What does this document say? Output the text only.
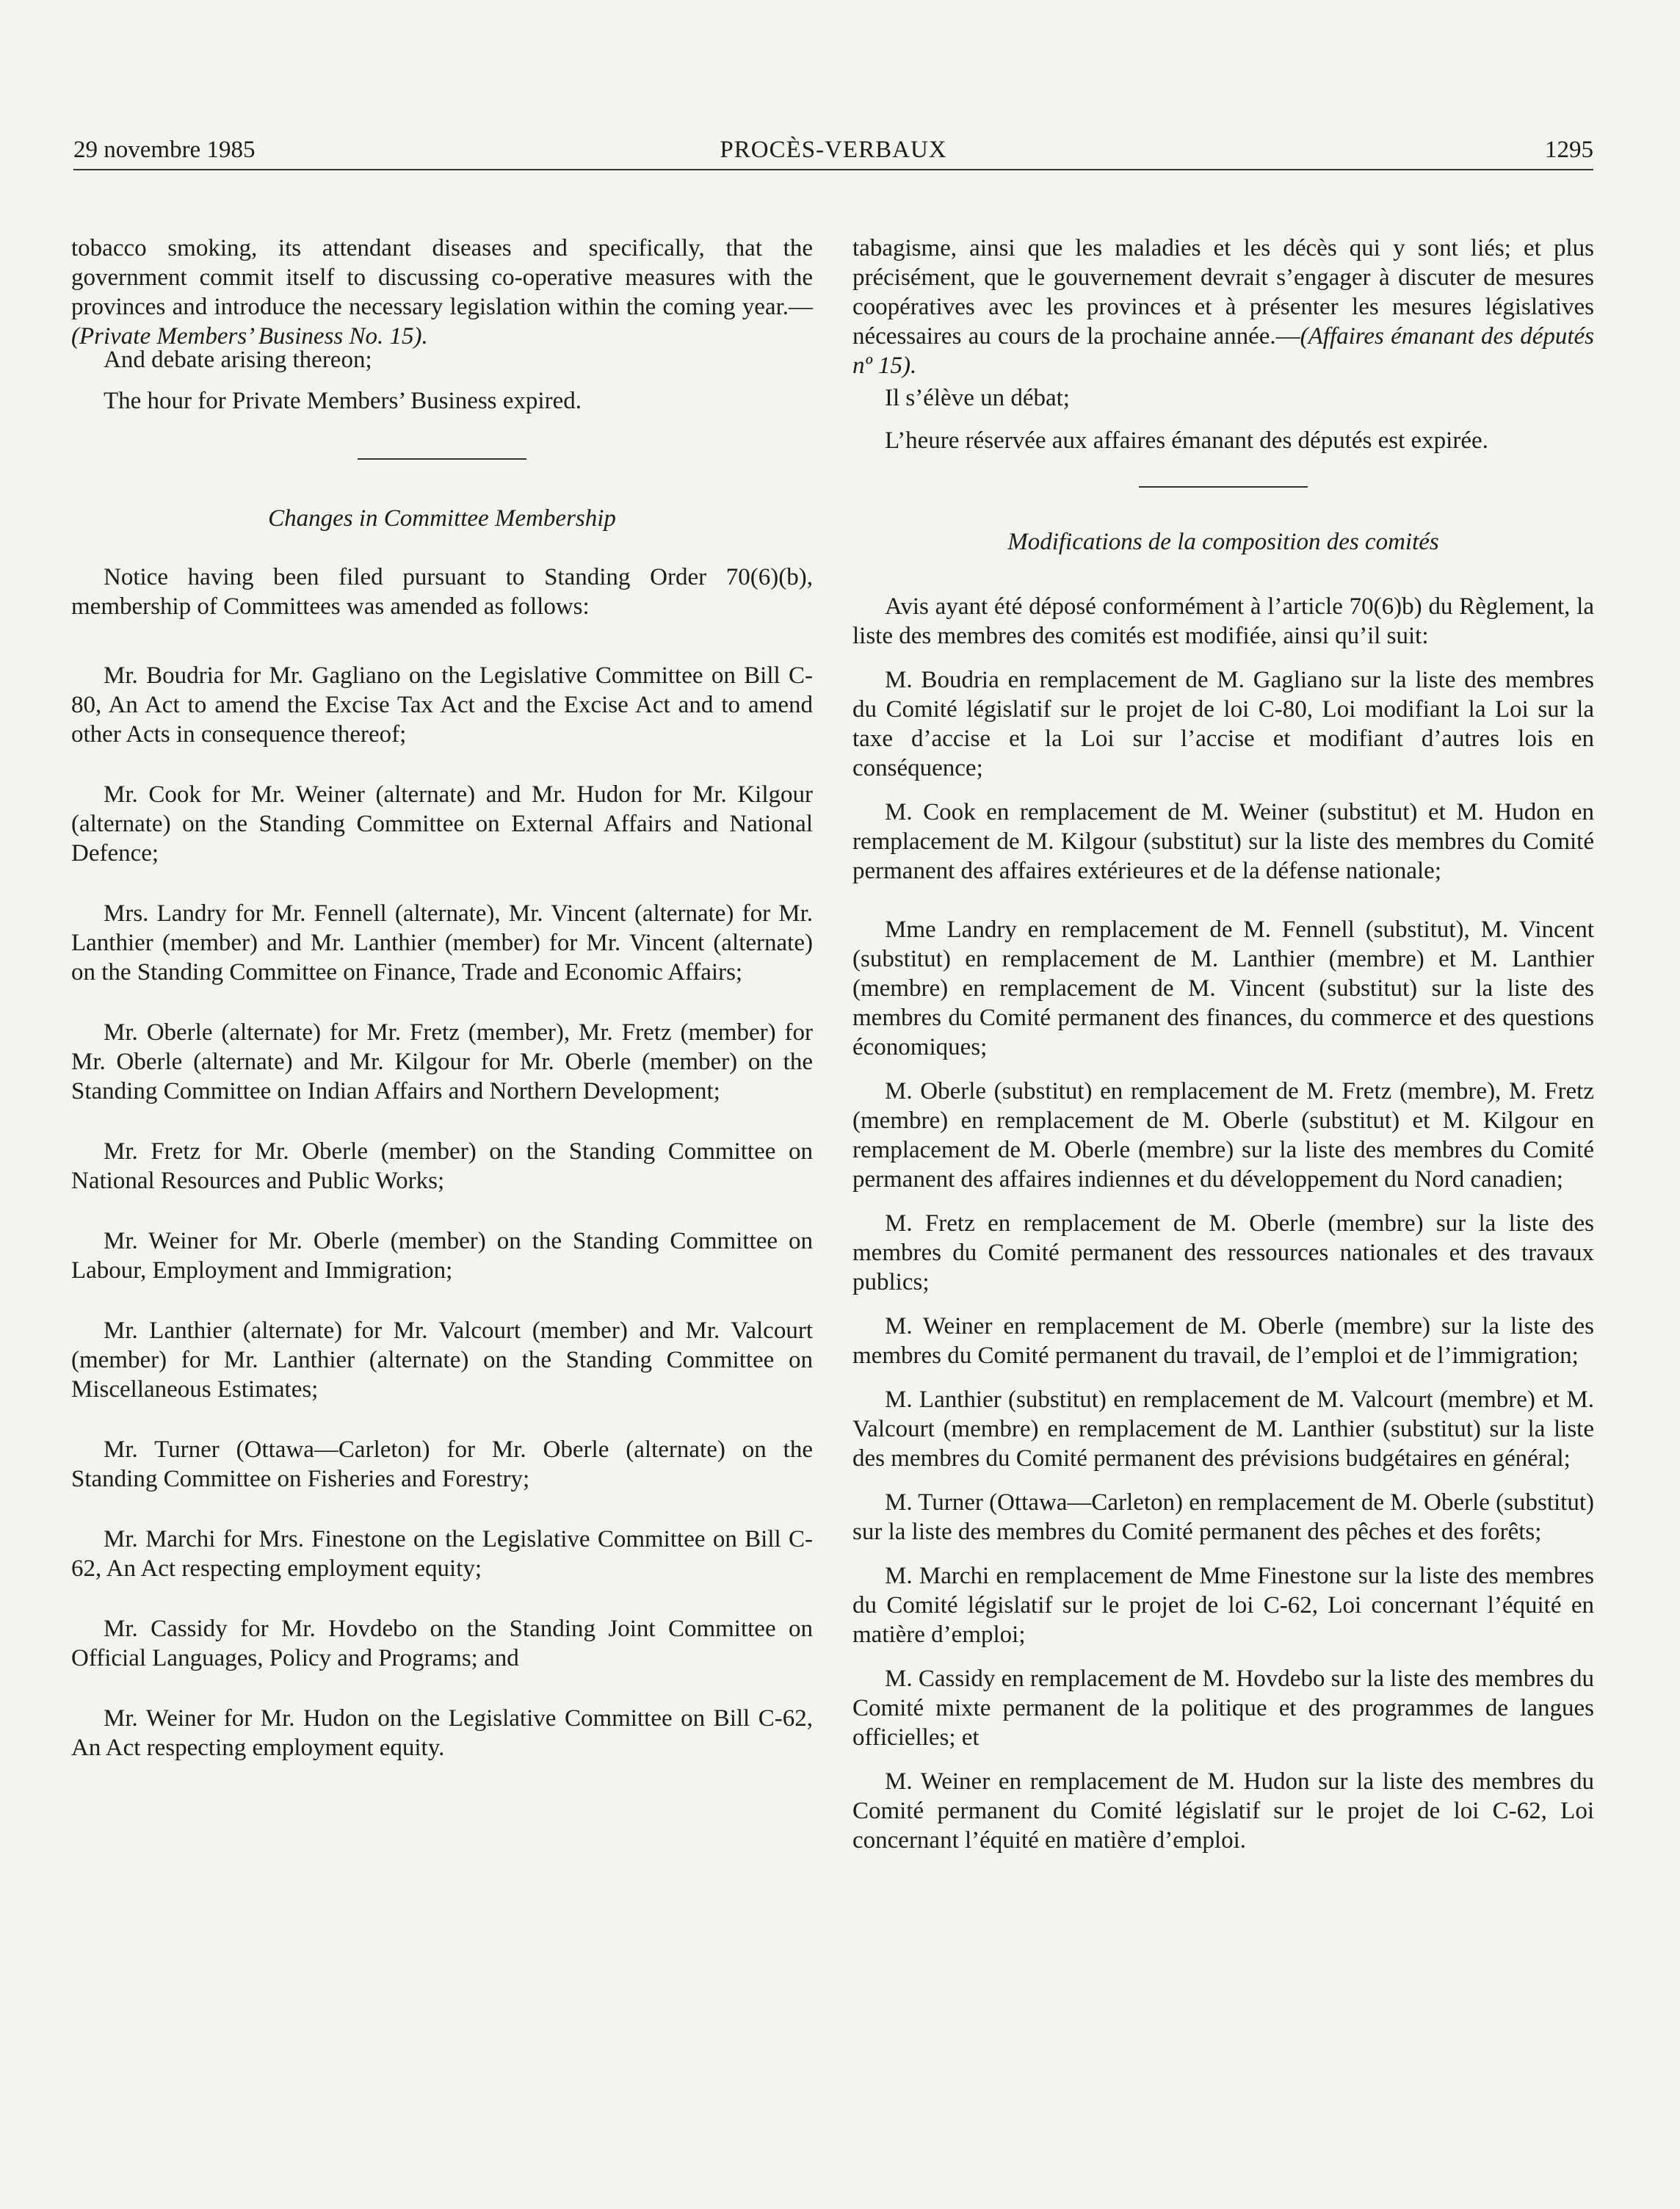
29 novembre 1985	PROCÈS-VERBAUX	1295

tobacco smoking, its attendant diseases and specifically, that the government commit itself to discussing co-operative measures with the provinces and introduce the necessary legislation within the coming year.—(Private Members’ Business No. 15).

And debate arising thereon;

The hour for Private Members’ Business expired.

Changes in Committee Membership

Notice having been filed pursuant to Standing Order 70(6)(b), membership of Committees was amended as follows:

Mr. Boudria for Mr. Gagliano on the Legislative Committee on Bill C-80, An Act to amend the Excise Tax Act and the Excise Act and to amend other Acts in consequence thereof;

Mr. Cook for Mr. Weiner (alternate) and Mr. Hudon for Mr. Kilgour (alternate) on the Standing Committee on External Affairs and National Defence;

Mrs. Landry for Mr. Fennell (alternate), Mr. Vincent (alternate) for Mr. Lanthier (member) and Mr. Lanthier (member) for Mr. Vincent (alternate) on the Standing Committee on Finance, Trade and Economic Affairs;

Mr. Oberle (alternate) for Mr. Fretz (member), Mr. Fretz (member) for Mr. Oberle (alternate) and Mr. Kilgour for Mr. Oberle (member) on the Standing Committee on Indian Affairs and Northern Development;

Mr. Fretz for Mr. Oberle (member) on the Standing Committee on National Resources and Public Works;

Mr. Weiner for Mr. Oberle (member) on the Standing Committee on Labour, Employment and Immigration;

Mr. Lanthier (alternate) for Mr. Valcourt (member) and Mr. Valcourt (member) for Mr. Lanthier (alternate) on the Standing Committee on Miscellaneous Estimates;

Mr. Turner (Ottawa—Carleton) for Mr. Oberle (alternate) on the Standing Committee on Fisheries and Forestry;

Mr. Marchi for Mrs. Finestone on the Legislative Committee on Bill C-62, An Act respecting employment equity;

Mr. Cassidy for Mr. Hovdebo on the Standing Joint Committee on Official Languages, Policy and Programs; and

Mr. Weiner for Mr. Hudon on the Legislative Committee on Bill C-62, An Act respecting employment equity.

tabagisme, ainsi que les maladies et les décès qui y sont liés; et plus précisément, que le gouvernement devrait s’engager à discuter de mesures coopératives avec les provinces et à présenter les mesures législatives nécessaires au cours de la prochaine année.—(Affaires émanant des députés nº 15).

Il s’élève un débat;

L’heure réservée aux affaires émanant des députés est expirée.

Modifications de la composition des comités

Avis ayant été déposé conformément à l’article 70(6)b) du Règlement, la liste des membres des comités est modifiée, ainsi qu’il suit:

M. Boudria en remplacement de M. Gagliano sur la liste des membres du Comité législatif sur le projet de loi C-80, Loi modifiant la Loi sur la taxe d’accise et la Loi sur l’accise et modifiant d’autres lois en conséquence;

M. Cook en remplacement de M. Weiner (substitut) et M. Hudon en remplacement de M. Kilgour (substitut) sur la liste des membres du Comité permanent des affaires extérieures et de la défense nationale;

Mme Landry en remplacement de M. Fennell (substitut), M. Vincent (substitut) en remplacement de M. Lanthier (membre) et M. Lanthier (membre) en remplacement de M. Vincent (substitut) sur la liste des membres du Comité permanent des finances, du commerce et des questions économiques;

M. Oberle (substitut) en remplacement de M. Fretz (membre), M. Fretz (membre) en remplacement de M. Oberle (substitut) et M. Kilgour en remplacement de M. Oberle (membre) sur la liste des membres du Comité permanent des affaires indiennes et du développement du Nord canadien;

M. Fretz en remplacement de M. Oberle (membre) sur la liste des membres du Comité permanent des ressources nationales et des travaux publics;

M. Weiner en remplacement de M. Oberle (membre) sur la liste des membres du Comité permanent du travail, de l’emploi et de l’immigration;

M. Lanthier (substitut) en remplacement de M. Valcourt (membre) et M. Valcourt (membre) en remplacement de M. Lanthier (substitut) sur la liste des membres du Comité permanent des prévisions budgétaires en général;

M. Turner (Ottawa—Carleton) en remplacement de M. Oberle (substitut) sur la liste des membres du Comité permanent des pêches et des forêts;

M. Marchi en remplacement de Mme Finestone sur la liste des membres du Comité législatif sur le projet de loi C-62, Loi concernant l’équité en matière d’emploi;

M. Cassidy en remplacement de M. Hovdebo sur la liste des membres du Comité mixte permanent de la politique et des programmes de langues officielles; et

M. Weiner en remplacement de M. Hudon sur la liste des membres du Comité permanent du Comité législatif sur le projet de loi C-62, Loi concernant l’équité en matière d’emploi.
